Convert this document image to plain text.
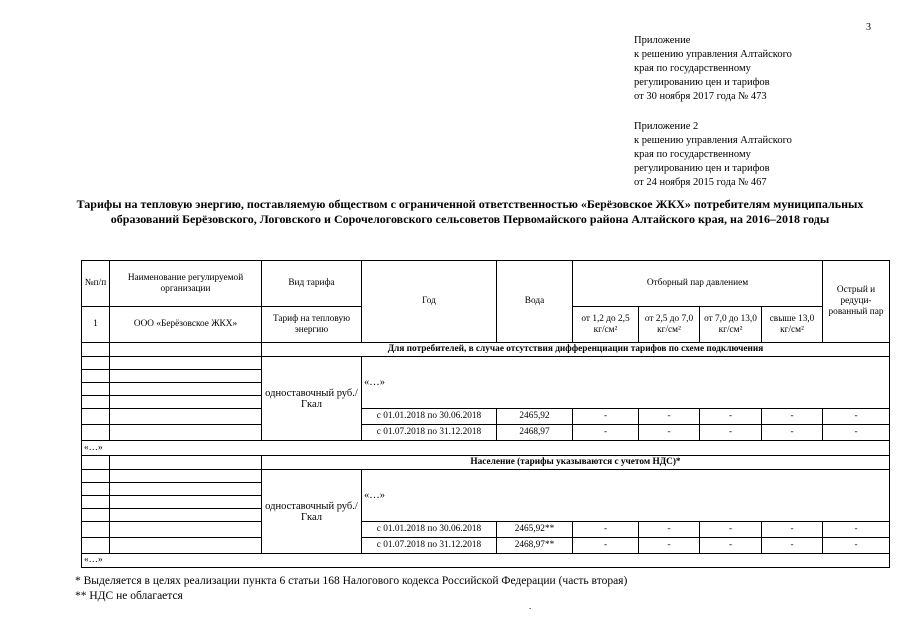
3
Приложение
к решению управления Алтайского
края по государственному
регулированию цен и тарифов
от 30 ноября 2017 года № 473
Приложение 2
к решению управления Алтайского
края по государственному
регулированию цен и тарифов
от 24 ноября 2015 года № 467
Тарифы на тепловую энергию, поставляемую обществом с ограниченной ответственностью «Берёзовское ЖКХ» потребителям муниципальных образований Берёзовского, Логовского и Сорочелоговского сельсоветов Первомайского района Алтайского края, на 2016–2018 годы
№п/п	Наименование регулируемой организации	Вид тарифа	Год	Вода	Отборный пар давлением				Острый и редуци-рованный пар
1	ООО «Берёзовское ЖКХ»	Тариф на тепловую энергию			от 1,2 до 2,5 кг/см²	от 2,5 до 7,0 кг/см²	от 7,0 до 13,0 кг/см²	свыше 13,0 кг/см²	
		Для потребителей, в случае отсутствия дифференциации тарифов по схеме подключения							
		одноставочный руб./Гкал	«…»						

			с 01.01.2018 по 30.06.2018	2465,92	-	-	-	-	-
			с 01.07.2018 по 31.12.2018	2468,97	-	-	-	-	-
«…»									
		Население (тарифы указываются с учетом НДС)*							
		одноставочный руб./Гкал	«…»						

			с 01.01.2018 по 30.06.2018	2465,92**	-	-	-	-	-
			с 01.07.2018 по 31.12.2018	2468,97**	-	-	-	-	-
«…»									
* Выделяется в целях реализации пункта 6 статьи 168 Налогового кодекса Российской Федерации (часть вторая)
** НДС не облагается
.
